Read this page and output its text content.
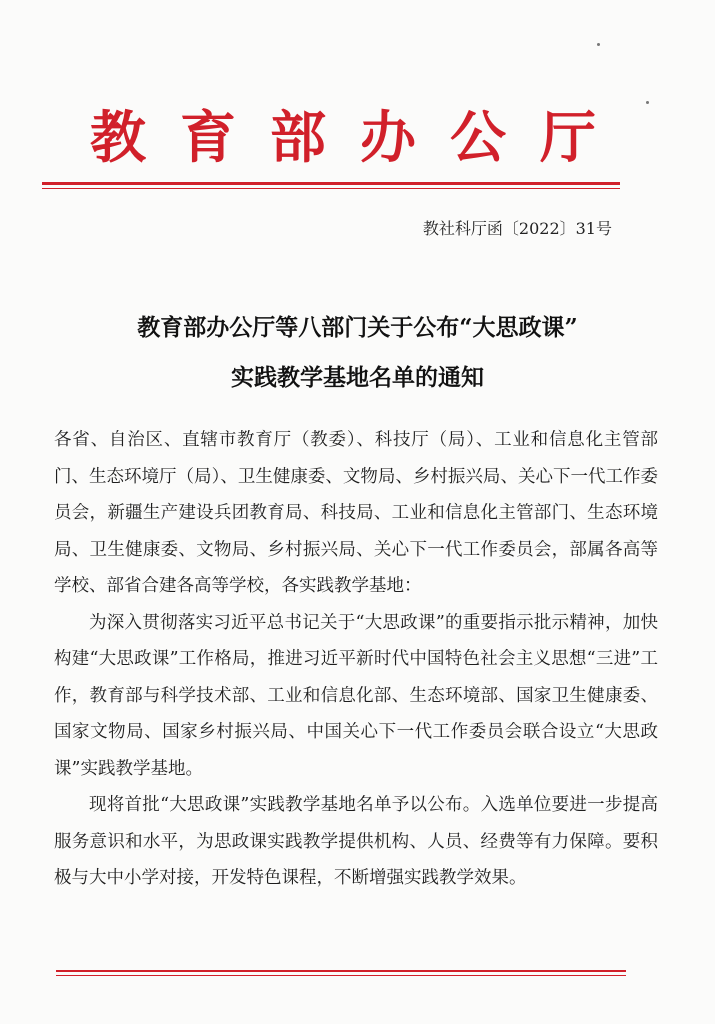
教育部办公厅
教社科厅函〔2022〕31号
教育部办公厅等八部门关于公布“大思政课”
实践教学基地名单的通知

各省、自治区、直辖市教育厅（教委）、科技厅（局）、工业和信息化主管部门、生态环境厅（局）、卫生健康委、文物局、乡村振兴局、关心下一代工作委员会，新疆生产建设兵团教育局、科技局、工业和信息化主管部门、生态环境局、卫生健康委、文物局、乡村振兴局、关心下一代工作委员会，部属各高等学校、部省合建各高等学校，各实践教学基地：

为深入贯彻落实习近平总书记关于“大思政课”的重要指示批示精神，加快构建“大思政课”工作格局，推进习近平新时代中国特色社会主义思想“三进”工作，教育部与科学技术部、工业和信息化部、生态环境部、国家卫生健康委、国家文物局、国家乡村振兴局、中国关心下一代工作委员会联合设立“大思政课”实践教学基地。

现将首批“大思政课”实践教学基地名单予以公布。入选单位要进一步提高服务意识和水平，为思政课实践教学提供机构、人员、经费等有力保障。要积极与大中小学对接，开发特色课程，不断增强实践教学效果。
